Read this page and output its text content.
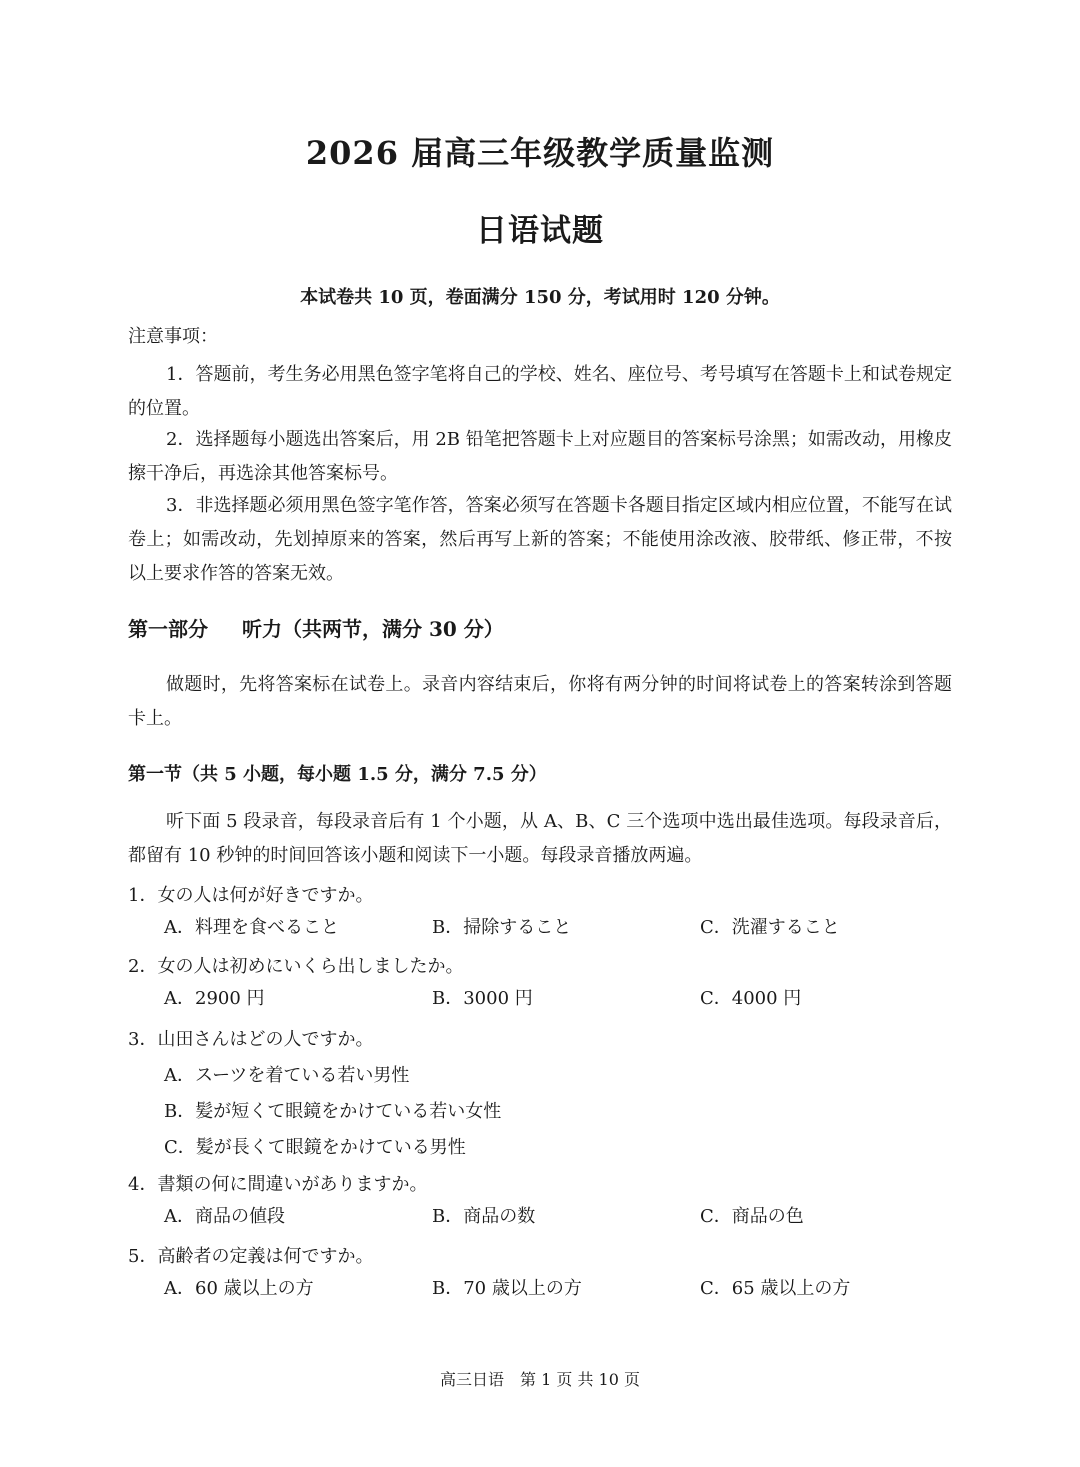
2026 届高三年级教学质量监测
日语试题
本试卷共 10 页，卷面满分 150 分，考试用时 120 分钟。
注意事项：
1．答题前，考生务必用黑色签字笔将自己的学校、姓名、座位号、考号填写在答题卡上和试卷规定的位置。
2．选择题每小题选出答案后，用 2B 铅笔把答题卡上对应题目的答案标号涂黑；如需改动，用橡皮擦干净后，再选涂其他答案标号。
3．非选择题必须用黑色签字笔作答，答案必须写在答题卡各题目指定区域内相应位置，不能写在试卷上；如需改动，先划掉原来的答案，然后再写上新的答案；不能使用涂改液、胶带纸、修正带，不按以上要求作答的答案无效。
第一部分 听力（共两节，满分 30 分）
做题时，先将答案标在试卷上。录音内容结束后，你将有两分钟的时间将试卷上的答案转涂到答题卡上。
第一节（共 5 小题，每小题 1.5 分，满分 7.5 分）
听下面 5 段录音，每段录音后有 1 个小题，从 A、B、C 三个选项中选出最佳选项。每段录音后，都留有 10 秒钟的时间回答该小题和阅读下一小题。每段录音播放两遍。
1．女の人は何が好きですか。
A．料理を食べること	B．掃除すること	C．洗濯すること
2．女の人は初めにいくら出しましたか。
A．2900 円	B．3000 円	C．4000 円
3．山田さんはどの人ですか。
A．スーツを着ている若い男性
B．髪が短くて眼鏡をかけている若い女性
C．髪が長くて眼鏡をかけている男性
4．書類の何に間違いがありますか。
A．商品の値段	B．商品の数	C．商品の色
5．高齢者の定義は何ですか。
A．60 歳以上の方	B．70 歳以上の方	C．65 歳以上の方
高三日语　第 1 页 共 10 页
